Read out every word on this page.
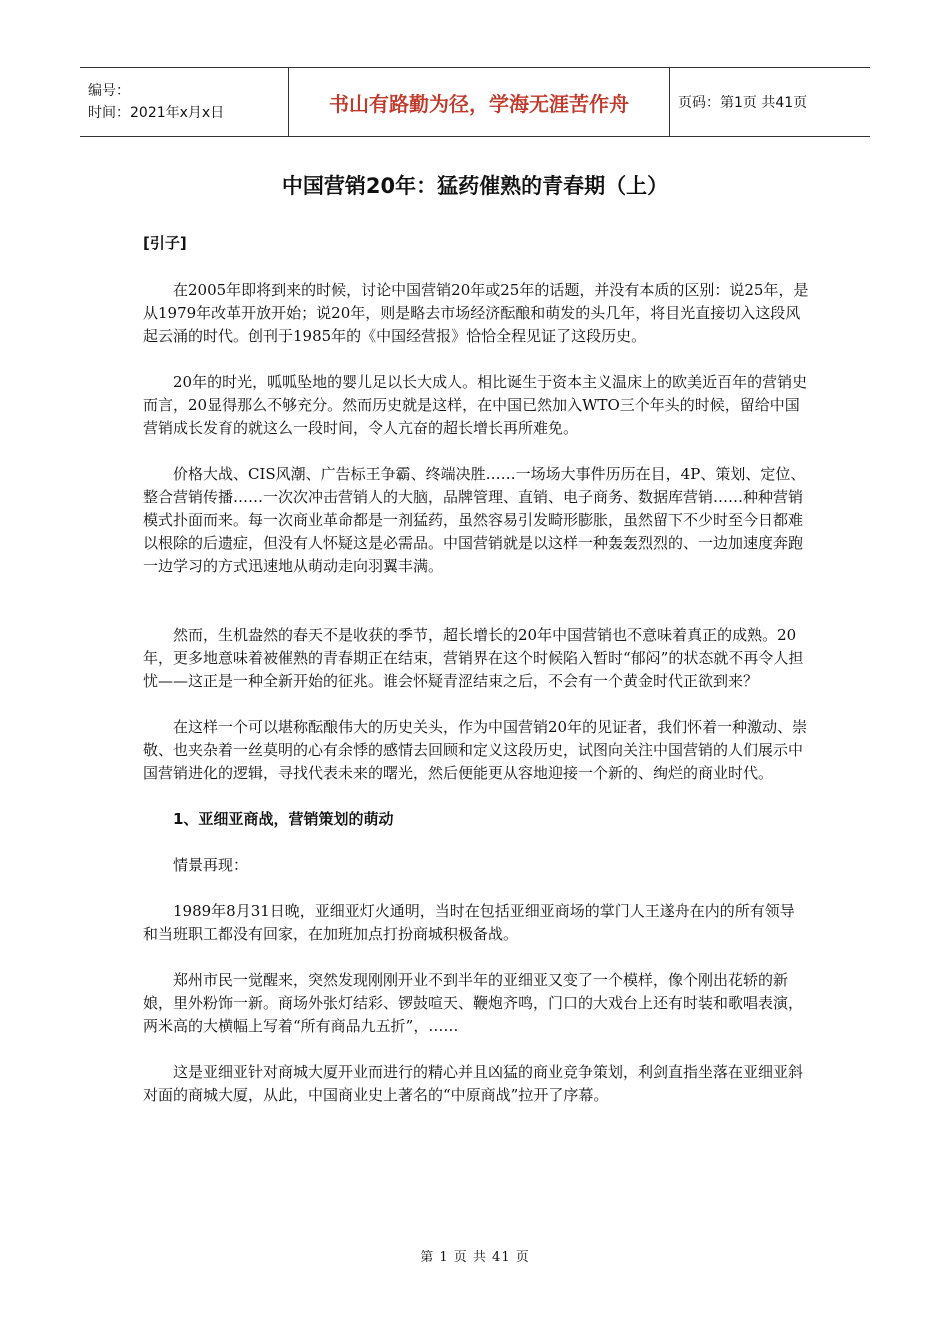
编号：
时间：2021年x月x日	书山有路勤为径，学海无涯苦作舟	页码：第1页 共41页
中国营销20年：猛药催熟的青春期（上）

[引子]

在2005年即将到来的时候，讨论中国营销20年或25年的话题，并没有本质的区别：说25年，是从1979年改革开放开始；说20年，则是略去市场经济酝酿和萌发的头几年，将目光直接切入这段风起云涌的时代。创刊于1985年的《中国经营报》恰恰全程见证了这段历史。

20年的时光，呱呱坠地的婴儿足以长大成人。相比诞生于资本主义温床上的欧美近百年的营销史而言，20显得那么不够充分。然而历史就是这样，在中国已然加入WTO三个年头的时候，留给中国营销成长发育的就这么一段时间，令人亢奋的超长增长再所难免。

价格大战、CIS风潮、广告标王争霸、终端决胜……一场场大事件历历在目，4P、策划、定位、整合营销传播……一次次冲击营销人的大脑，品牌管理、直销、电子商务、数据库营销……种种营销模式扑面而来。每一次商业革命都是一剂猛药，虽然容易引发畸形膨胀，虽然留下不少时至今日都难以根除的后遗症，但没有人怀疑这是必需品。中国营销就是以这样一种轰轰烈烈的、一边加速度奔跑一边学习的方式迅速地从萌动走向羽翼丰满。

然而，生机盎然的春天不是收获的季节，超长增长的20年中国营销也不意味着真正的成熟。20年，更多地意味着被催熟的青春期正在结束，营销界在这个时候陷入暂时“郁闷”的状态就不再令人担忧——这正是一种全新开始的征兆。谁会怀疑青涩结束之后，不会有一个黄金时代正欲到来？

在这样一个可以堪称酝酿伟大的历史关头，作为中国营销20年的见证者，我们怀着一种激动、崇敬、也夹杂着一丝莫明的心有余悸的感情去回顾和定义这段历史，试图向关注中国营销的人们展示中国营销进化的逻辑，寻找代表未来的曙光，然后便能更从容地迎接一个新的、绚烂的商业时代。

1、亚细亚商战，营销策划的萌动

情景再现：

1989年8月31日晚，亚细亚灯火通明，当时在包括亚细亚商场的掌门人王遂舟在内的所有领导和当班职工都没有回家，在加班加点打扮商城积极备战。

郑州市民一觉醒来，突然发现刚刚开业不到半年的亚细亚又变了一个模样，像个刚出花轿的新娘，里外粉饰一新。商场外张灯结彩、锣鼓喧天、鞭炮齐鸣，门口的大戏台上还有时装和歌唱表演，两米高的大横幅上写着“所有商品九五折”，……

这是亚细亚针对商城大厦开业而进行的精心并且凶猛的商业竞争策划，利剑直指坐落在亚细亚斜对面的商城大厦，从此，中国商业史上著名的“中原商战”拉开了序幕。

第 1 页 共 41 页
